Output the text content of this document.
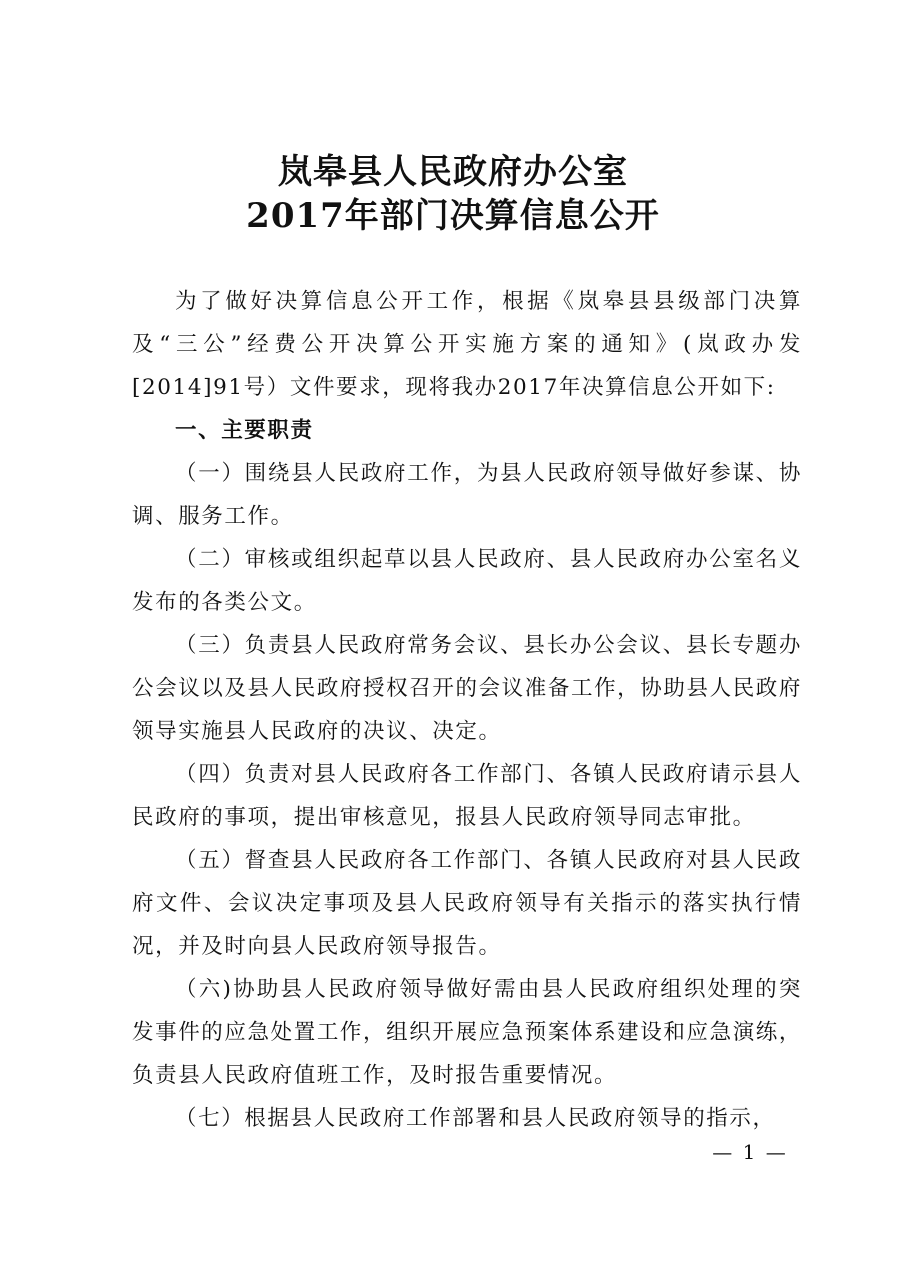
岚皋县人民政府办公室
2017年部门决算信息公开

为了做好决算信息公开工作，根据《岚皋县县级部门决算及“三公”经费公开决算公开实施方案的通知》(岚政办发[2014]91号）文件要求，现将我办2017年决算信息公开如下:

一、主要职责

（一）围绕县人民政府工作，为县人民政府领导做好参谋、协调、服务工作。

（二）审核或组织起草以县人民政府、县人民政府办公室名义发布的各类公文。

（三）负责县人民政府常务会议、县长办公会议、县长专题办公会议以及县人民政府授权召开的会议准备工作，协助县人民政府领导实施县人民政府的决议、决定。

（四）负责对县人民政府各工作部门、各镇人民政府请示县人民政府的事项，提出审核意见，报县人民政府领导同志审批。

（五）督查县人民政府各工作部门、各镇人民政府对县人民政府文件、会议决定事项及县人民政府领导有关指示的落实执行情况，并及时向县人民政府领导报告。

（六)协助县人民政府领导做好需由县人民政府组织处理的突发事件的应急处置工作，组织开展应急预案体系建设和应急演练，负责县人民政府值班工作，及时报告重要情况。

（七）根据县人民政府工作部署和县人民政府领导的指示，

— 1 —
